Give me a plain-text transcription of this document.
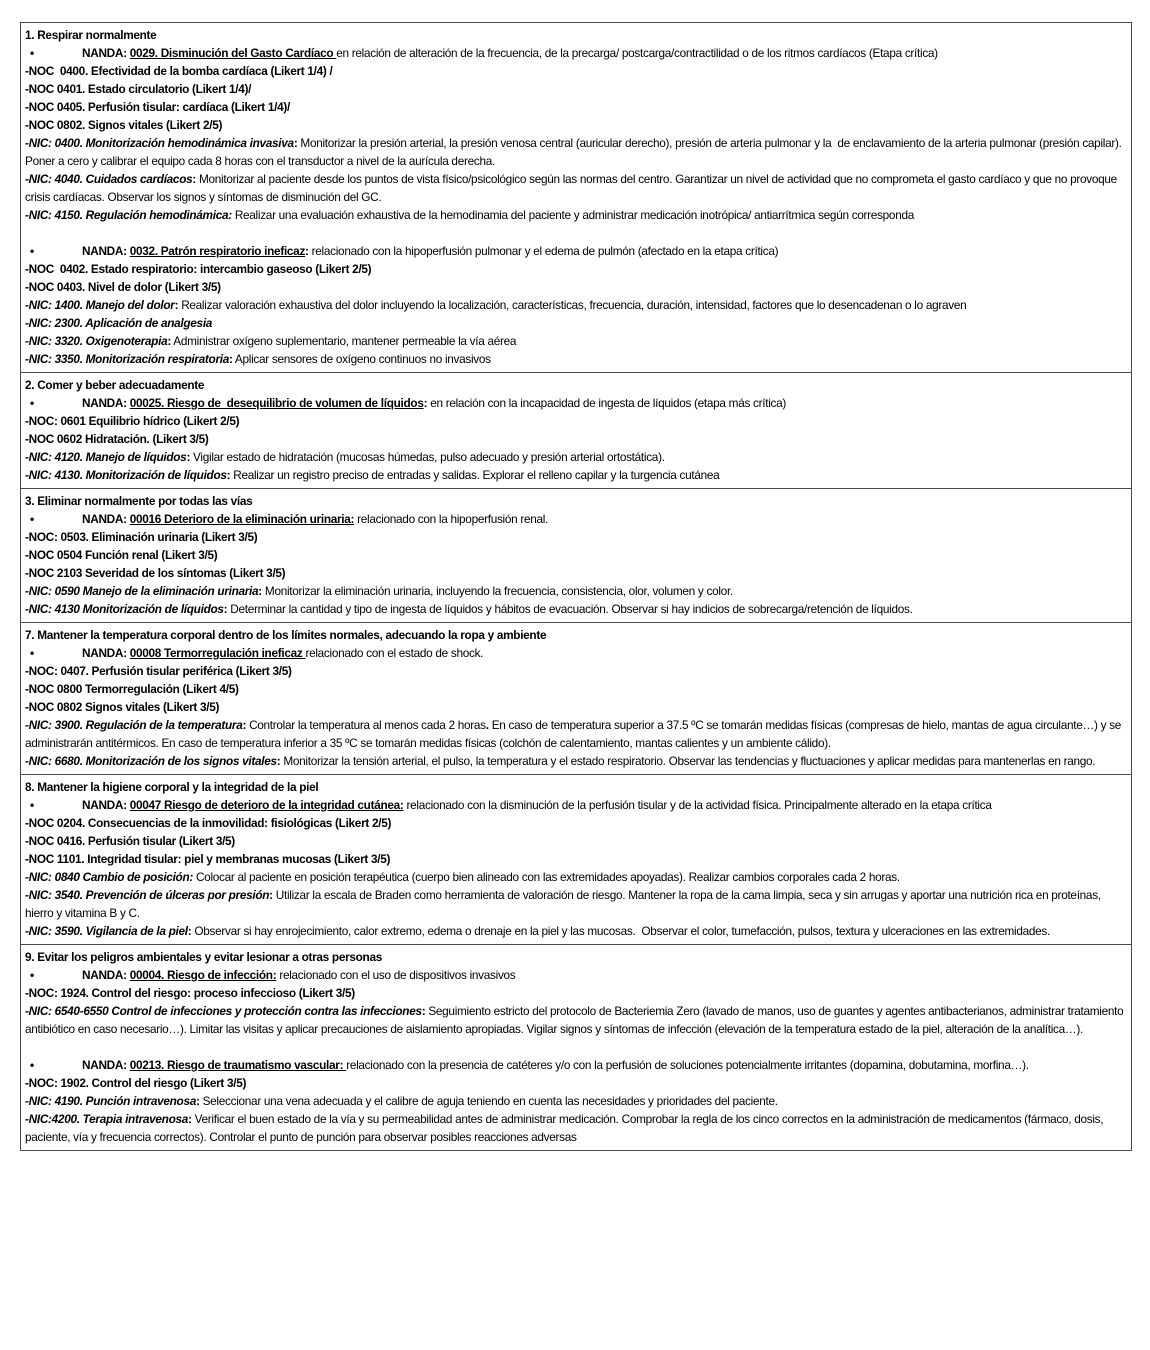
1. Respirar normalmente
•	NANDA: 0029. Disminución del Gasto Cardíaco en relación de alteración de la frecuencia, de la precarga/ postcarga/contractilidad o de los ritmos cardíacos (Etapa crítica)
-NOC  0400. Efectividad de la bomba cardíaca (Likert 1/4) /
-NOC 0401. Estado circulatorio (Likert 1/4)/
-NOC 0405. Perfusión tisular: cardíaca (Likert 1/4)/
-NOC 0802. Signos vitales (Likert 2/5)
-NIC: 0400. Monitorización hemodinámica invasiva: Monitorizar la presión arterial, la presión venosa central (auricular derecho), presión de arteria pulmonar y la  de enclavamiento de la arteria pulmonar (presión capilar). Poner a cero y calibrar el equipo cada 8 horas con el transductor a nivel de la aurícula derecha.
-NIC: 4040. Cuidados cardíacos: Monitorizar al paciente desde los puntos de vista físico/psicológico según las normas del centro. Garantizar un nivel de actividad que no comprometa el gasto cardíaco y que no provoque crisis cardíacas. Observar los signos y síntomas de disminución del GC.
-NIC: 4150. Regulación hemodinámica: Realizar una evaluación exhaustiva de la hemodinamia del paciente y administrar medicación inotrópica/ antiarrítmica según corresponda
•	NANDA: 0032. Patrón respiratorio ineficaz: relacionado con la hipoperfusión pulmonar y el edema de pulmón (afectado en la etapa crítica)
-NOC  0402. Estado respiratorio: intercambio gaseoso (Likert 2/5)
-NOC 0403. Nivel de dolor (Likert 3/5)
-NIC: 1400. Manejo del dolor: Realizar valoración exhaustiva del dolor incluyendo la localización, características, frecuencia, duración, intensidad, factores que lo desencadenan o lo agraven
-NIC: 2300. Aplicación de analgesia
-NIC: 3320. Oxigenoterapia: Administrar oxígeno suplementario, mantener permeable la vía aérea
-NIC: 3350. Monitorización respiratoria: Aplicar sensores de oxígeno continuos no invasivos
2. Comer y beber adecuadamente
•	NANDA: 00025. Riesgo de  desequilibrio de volumen de líquidos: en relación con la incapacidad de ingesta de líquidos (etapa más crítica)
-NOC: 0601 Equilibrio hídrico (Likert 2/5)
-NOC 0602 Hidratación. (Likert 3/5)
-NIC: 4120. Manejo de líquidos: Vigilar estado de hidratación (mucosas húmedas, pulso adecuado y presión arterial ortostática).
-NIC: 4130. Monitorización de líquidos: Realizar un registro preciso de entradas y salidas. Explorar el relleno capilar y la turgencia cutánea
3. Eliminar normalmente por todas las vías
•	NANDA: 00016 Deterioro de la eliminación urinaria: relacionado con la hipoperfusión renal.
-NOC: 0503. Eliminación urinaria (Likert 3/5)
-NOC 0504 Función renal (Likert 3/5)
-NOC 2103 Severidad de los síntomas (Likert 3/5)
-NIC: 0590 Manejo de la eliminación urinaria: Monitorizar la eliminación urinaria, incluyendo la frecuencia, consistencia, olor, volumen y color.
-NIC: 4130 Monitorización de líquidos: Determinar la cantidad y tipo de ingesta de líquidos y hábitos de evacuación. Observar si hay indicios de sobrecarga/retención de líquidos.
7. Mantener la temperatura corporal dentro de los límites normales, adecuando la ropa y ambiente
•	NANDA: 00008 Termorregulación ineficaz relacionado con el estado de shock.
-NOC: 0407. Perfusión tisular periférica (Likert 3/5)
-NOC 0800 Termorregulación (Likert 4/5)
-NOC 0802 Signos vitales (Likert 3/5)
-NIC: 3900. Regulación de la temperatura: Controlar la temperatura al menos cada 2 horas. En caso de temperatura superior a 37.5 ºC se tomarán medidas físicas (compresas de hielo, mantas de agua circulante…) y se administrarán antitérmicos. En caso de temperatura inferior a 35 ºC se tomarán medidas físicas (colchón de calentamiento, mantas calientes y un ambiente cálido).
-NIC: 6680. Monitorización de los signos vitales: Monitorizar la tensión arterial, el pulso, la temperatura y el estado respiratorio. Observar las tendencias y fluctuaciones y aplicar medidas para mantenerlas en rango.
8. Mantener la higiene corporal y la integridad de la piel
•	NANDA: 00047 Riesgo de deterioro de la integridad cutánea: relacionado con la disminución de la perfusión tisular y de la actividad física. Principalmente alterado en la etapa crítica
-NOC 0204. Consecuencias de la inmovilidad: fisiológicas (Likert 2/5)
-NOC 0416. Perfusión tisular (Likert 3/5)
-NOC 1101. Integridad tisular: piel y membranas mucosas (Likert 3/5)
-NIC: 0840 Cambio de posición: Colocar al paciente en posición terapéutica (cuerpo bien alineado con las extremidades apoyadas). Realizar cambios corporales cada 2 horas.
-NIC: 3540. Prevención de úlceras por presión: Utilizar la escala de Braden como herramienta de valoración de riesgo. Mantener la ropa de la cama limpia, seca y sin arrugas y aportar una nutrición rica en proteínas, hierro y vitamina B y C.
-NIC: 3590. Vigilancia de la piel: Observar si hay enrojecimiento, calor extremo, edema o drenaje en la piel y las mucosas.  Observar el color, tumefacción, pulsos, textura y ulceraciones en las extremidades.
9. Evitar los peligros ambientales y evitar lesionar a otras personas
•	NANDA: 00004. Riesgo de infección: relacionado con el uso de dispositivos invasivos
-NOC: 1924. Control del riesgo: proceso infeccioso (Likert 3/5)
-NIC: 6540-6550 Control de infecciones y protección contra las infecciones: Seguimiento estricto del protocolo de Bacteriemia Zero (lavado de manos, uso de guantes y agentes antibacterianos, administrar tratamiento antibiótico en caso necesario…). Limitar las visitas y aplicar precauciones de aislamiento apropiadas. Vigilar signos y síntomas de infección (elevación de la temperatura estado de la piel, alteración de la analítica…).
•	NANDA: 00213. Riesgo de traumatismo vascular: relacionado con la presencia de catéteres y/o con la perfusión de soluciones potencialmente irritantes (dopamina, dobutamina, morfina…).
-NOC: 1902. Control del riesgo (Likert 3/5)
-NIC: 4190. Punción intravenosa: Seleccionar una vena adecuada y el calibre de aguja teniendo en cuenta las necesidades y prioridades del paciente.
-NIC:4200. Terapia intravenosa: Verificar el buen estado de la vía y su permeabilidad antes de administrar medicación. Comprobar la regla de los cinco correctos en la administración de medicamentos (fármaco, dosis, paciente, vía y frecuencia correctos). Controlar el punto de punción para observar posibles reacciones adversas
